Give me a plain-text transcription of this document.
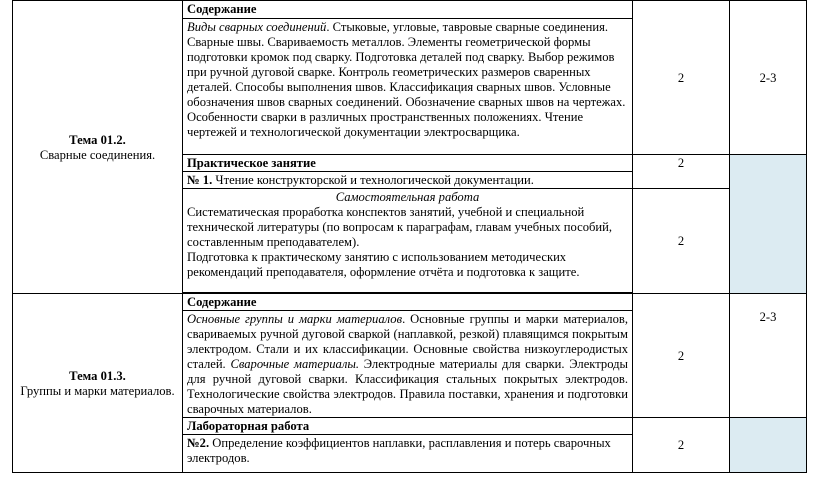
Тема 01.2.
Сварные соединения.	Содержание	2	2-3
	Виды сварных соединений. Стыковые, угловые, тавровые сварные соединения. Сварные швы. Свариваемость металлов. Элементы геометрической формы подготовки кромок под сварку. Подготовка деталей под сварку. Выбор режимов при ручной дуговой сварке. Контроль геометрических размеров сваренных деталей. Способы выполнения швов. Классификация сварных швов. Условные обозначения швов сварных соединений. Обозначение сварных швов на чертежах. Особенности сварки в различных пространственных положениях. Чтение чертежей и технологической документации электросварщика.		
	Практическое занятие	2	
	№ 1. Чтение конструкторской и технологической документации.		

	Самостоятельная работа
Систематическая проработка конспектов занятий, учебной и специальной технической литературы (по вопросам к параграфам, главам учебных пособий, составленным преподавателем).
Подготовка к практическому занятию с использованием методических рекомендаций преподавателя, оформление отчёта и подготовка к защите.	2	

Тема 01.3.
Группы и марки материалов.	Содержание	2	2-3
	Основные группы и марки материалов. Основные группы и марки материалов, свариваемых ручной дуговой сваркой (наплавкой, резкой) плавящимся покрытым электродом. Стали и их классификации. Основные свойства низкоуглеродистых сталей. Сварочные материалы. Электродные материалы для сварки. Электроды для ручной дуговой сварки. Классификация стальных покрытых электродов. Технологические свойства электродов. Правила поставки, хранения и подготовки сварочных материалов.		
	Лабораторная работа	2	
	№2. Определение коэффициентов наплавки, расплавления и потерь сварочных электродов.		
